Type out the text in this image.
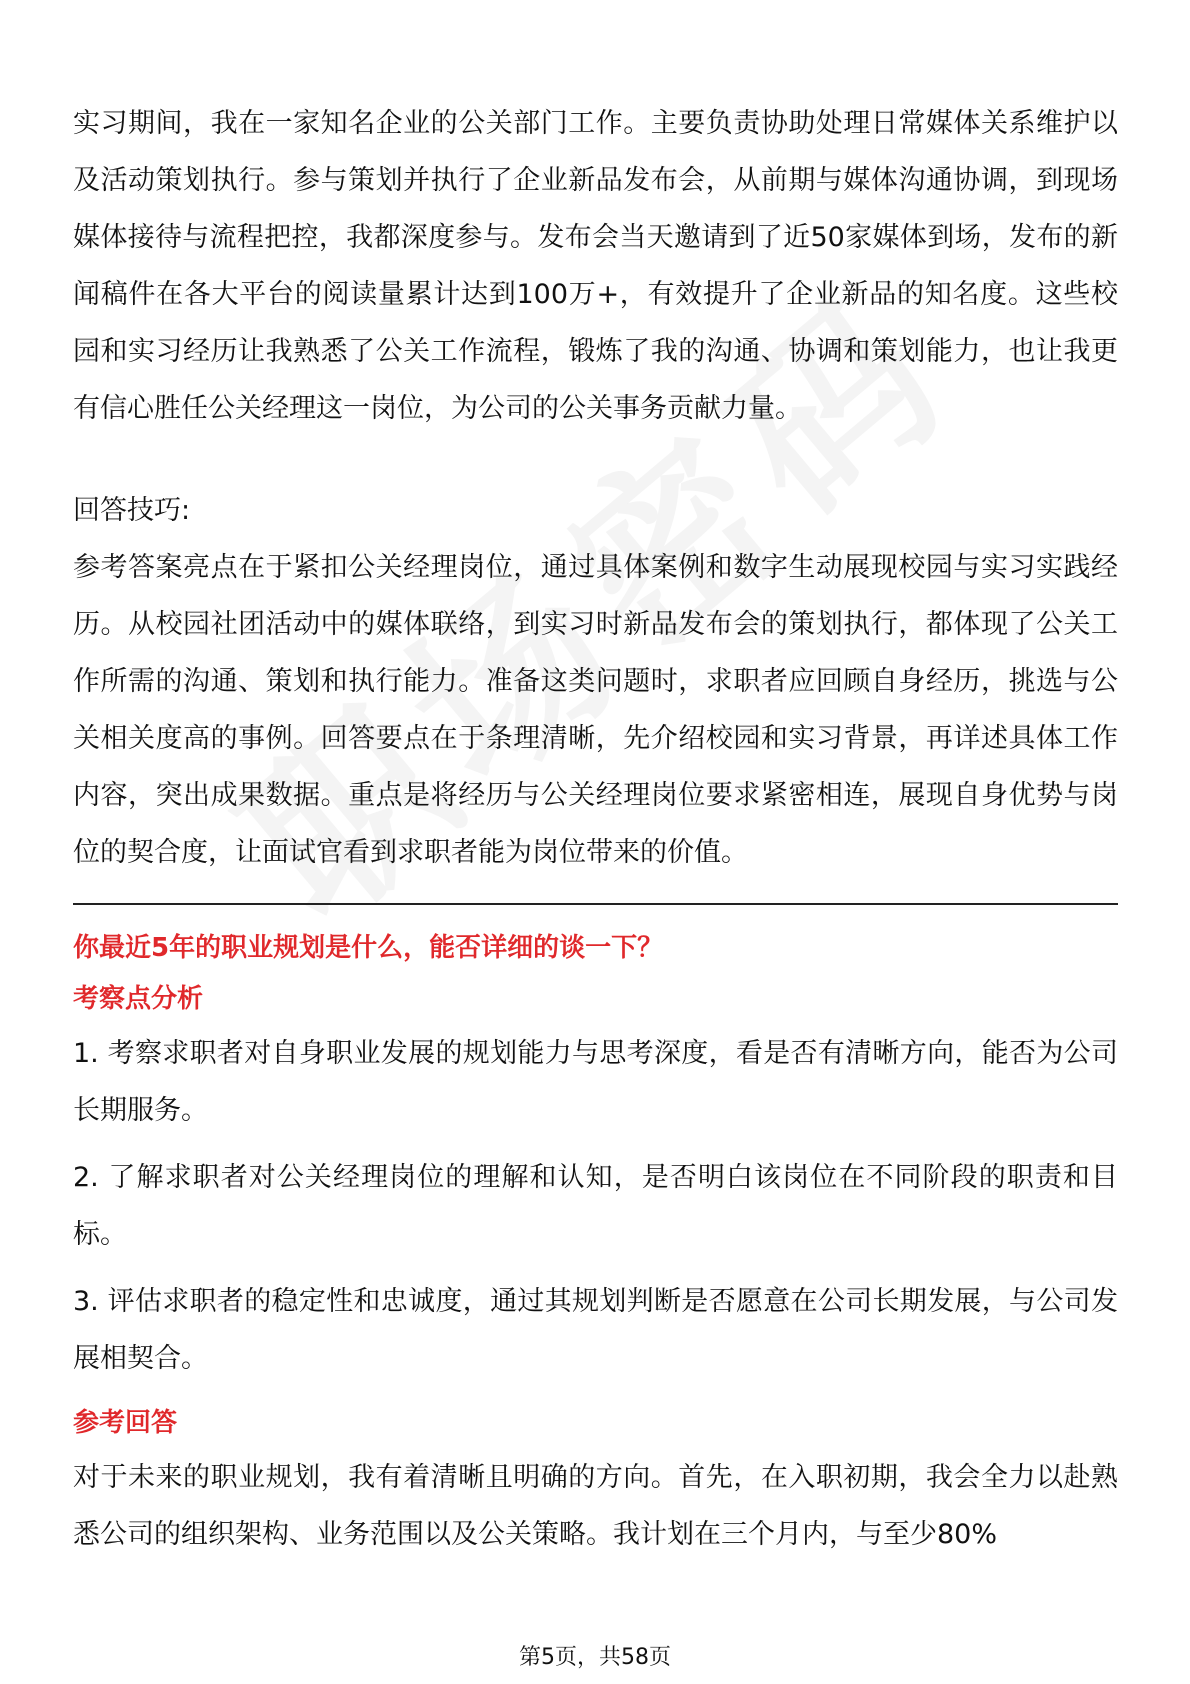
实习期间，我在一家知名企业的公关部门工作。主要负责协助处理日常媒体关系维护以及活动策划执行。参与策划并执行了企业新品发布会，从前期与媒体沟通协调，到现场媒体接待与流程把控，我都深度参与。发布会当天邀请到了近50家媒体到场，发布的新闻稿件在各大平台的阅读量累计达到100万+，有效提升了企业新品的知名度。这些校园和实习经历让我熟悉了公关工作流程，锻炼了我的沟通、协调和策划能力，也让我更有信心胜任公关经理这一岗位，为公司的公关事务贡献力量。

回答技巧:

参考答案亮点在于紧扣公关经理岗位，通过具体案例和数字生动展现校园与实习实践经历。从校园社团活动中的媒体联络，到实习时新品发布会的策划执行，都体现了公关工作所需的沟通、策划和执行能力。准备这类问题时，求职者应回顾自身经历，挑选与公关相关度高的事例。回答要点在于条理清晰，先介绍校园和实习背景，再详述具体工作内容，突出成果数据。重点是将经历与公关经理岗位要求紧密相连，展现自身优势与岗位的契合度，让面试官看到求职者能为岗位带来的价值。

你最近5年的职业规划是什么，能否详细的谈一下？

考察点分析

1. 考察求职者对自身职业发展的规划能力与思考深度，看是否有清晰方向，能否为公司长期服务。

2. 了解求职者对公关经理岗位的理解和认知，是否明白该岗位在不同阶段的职责和目标。

3. 评估求职者的稳定性和忠诚度，通过其规划判断是否愿意在公司长期发展，与公司发展相契合。

参考回答

对于未来的职业规划，我有着清晰且明确的方向。首先，在入职初期，我会全力以赴熟悉公司的组织架构、业务范围以及公关策略。我计划在三个月内，与至少80%

第5页，共58页
